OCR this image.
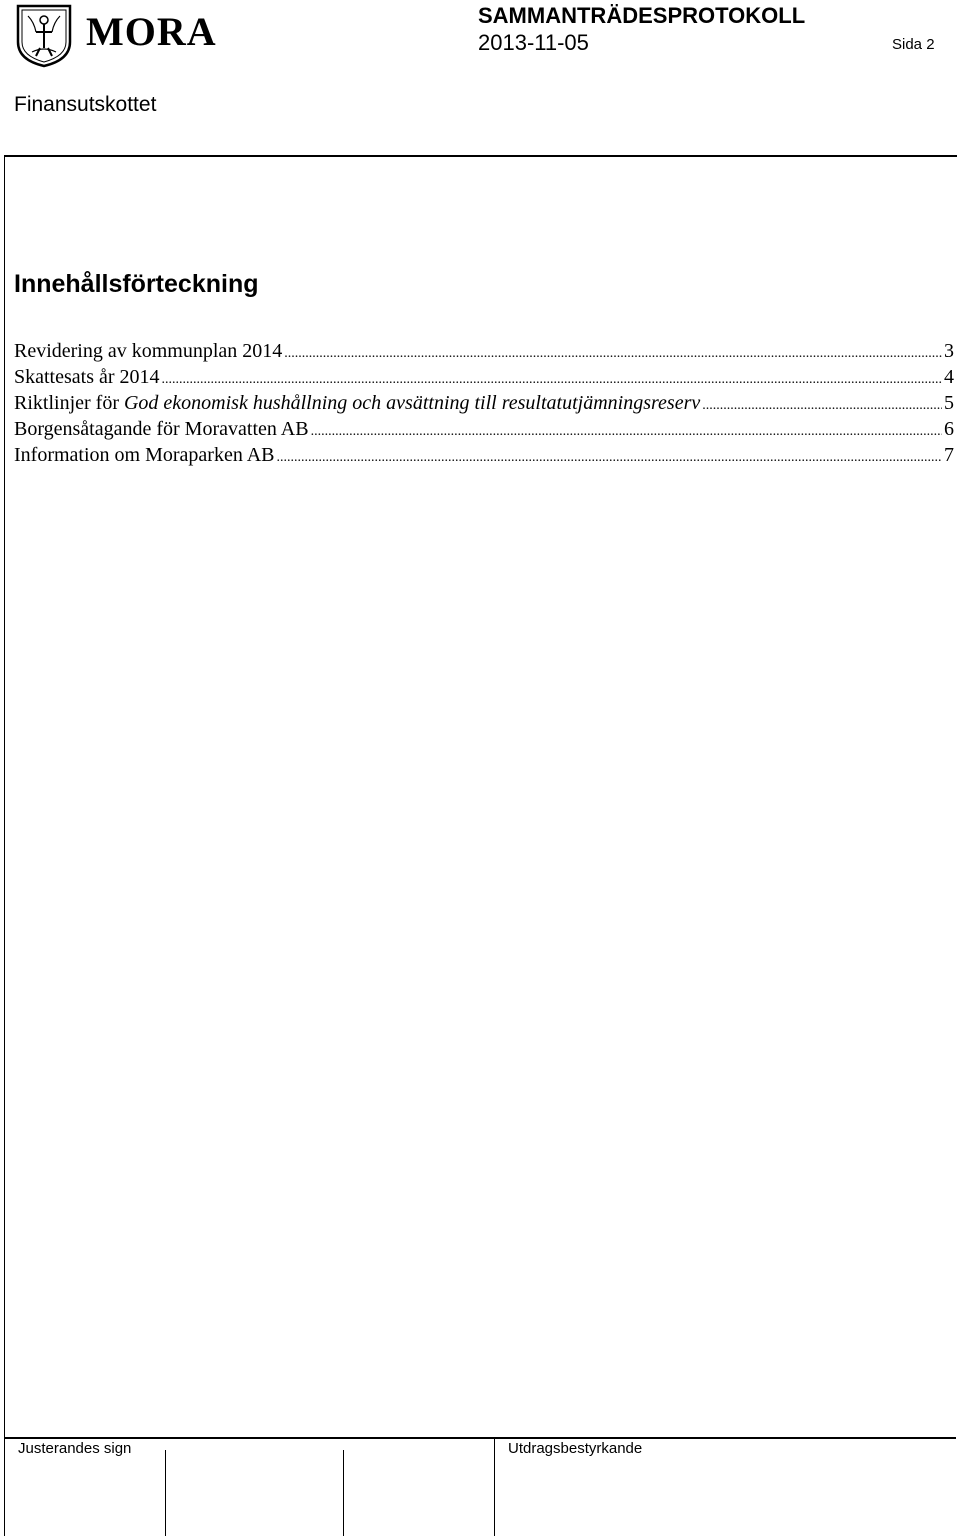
MORA	SAMMANTRÄDESPROTOKOLL
2013-11-05	Sida 2
Finansutskottet
Innehållsförteckning
Revidering av kommunplan 2014 .....	3
Skattesats år 2014 .....	4
Riktlinjer för God ekonomisk hushållning och avsättning till resultatutjämningsreserv .....	5
Borgensåtagande för Moravatten AB .....	6
Information om Moraparken AB .....	7
Justerandes sign	Utdragsbestyrkande
